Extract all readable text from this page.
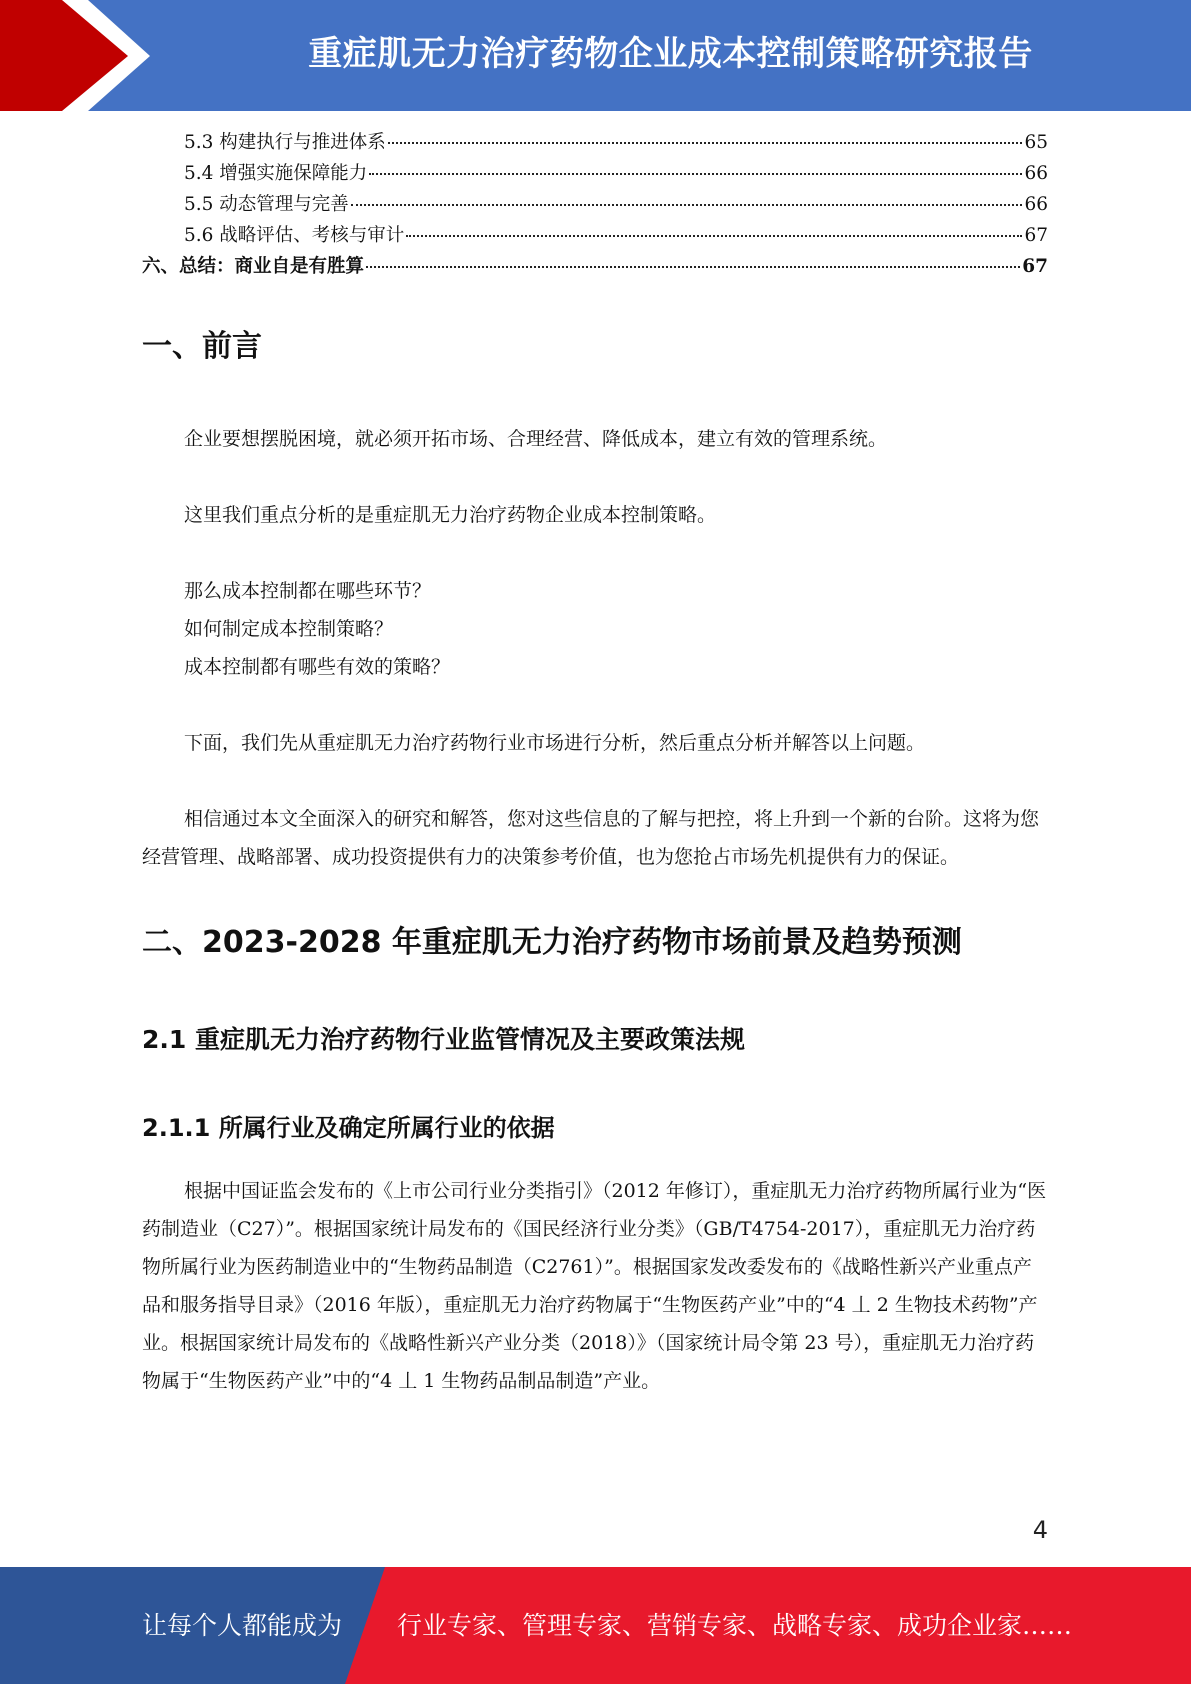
重症肌无力治疗药物企业成本控制策略研究报告
5.3 构建执行与推进体系	65
5.4 增强实施保障能力	66
5.5 动态管理与完善	66
5.6 战略评估、考核与审计	67
六、总结：商业自是有胜算	67
一、前言

企业要想摆脱困境，就必须开拓市场、合理经营、降低成本，建立有效的管理系统。

这里我们重点分析的是重症肌无力治疗药物企业成本控制策略。

那么成本控制都在哪些环节？

如何制定成本控制策略？

成本控制都有哪些有效的策略？

下面，我们先从重症肌无力治疗药物行业市场进行分析，然后重点分析并解答以上问题。

相信通过本文全面深入的研究和解答，您对这些信息的了解与把控，将上升到一个新的台阶。这将为您经营管理、战略部署、成功投资提供有力的决策参考价值，也为您抢占市场先机提供有力的保证。

二、2023-2028 年重症肌无力治疗药物市场前景及趋势预测
2.1 重症肌无力治疗药物行业监管情况及主要政策法规
2.1.1 所属行业及确定所属行业的依据

根据中国证监会发布的《上市公司行业分类指引》（2012 年修订），重症肌无力治疗药物所属行业为“医药制造业（C27）”。根据国家统计局发布的《国民经济行业分类》（GB/T4754-2017），重症肌无力治疗药物所属行业为医药制造业中的“生物药品制造（C2761）”。根据国家发改委发布的《战略性新兴产业重点产品和服务指导目录》（2016 年版），重症肌无力治疗药物属于“生物医药产业”中的“4 丄 2 生物技术药物”产业。根据国家统计局发布的《战略性新兴产业分类（2018）》（国家统计局令第 23 号），重症肌无力治疗药物属于“生物医药产业”中的“4 丄 1 生物药品制品制造”产业。

4
让每个人都能成为 行业专家、管理专家、营销专家、战略专家、成功企业家……
